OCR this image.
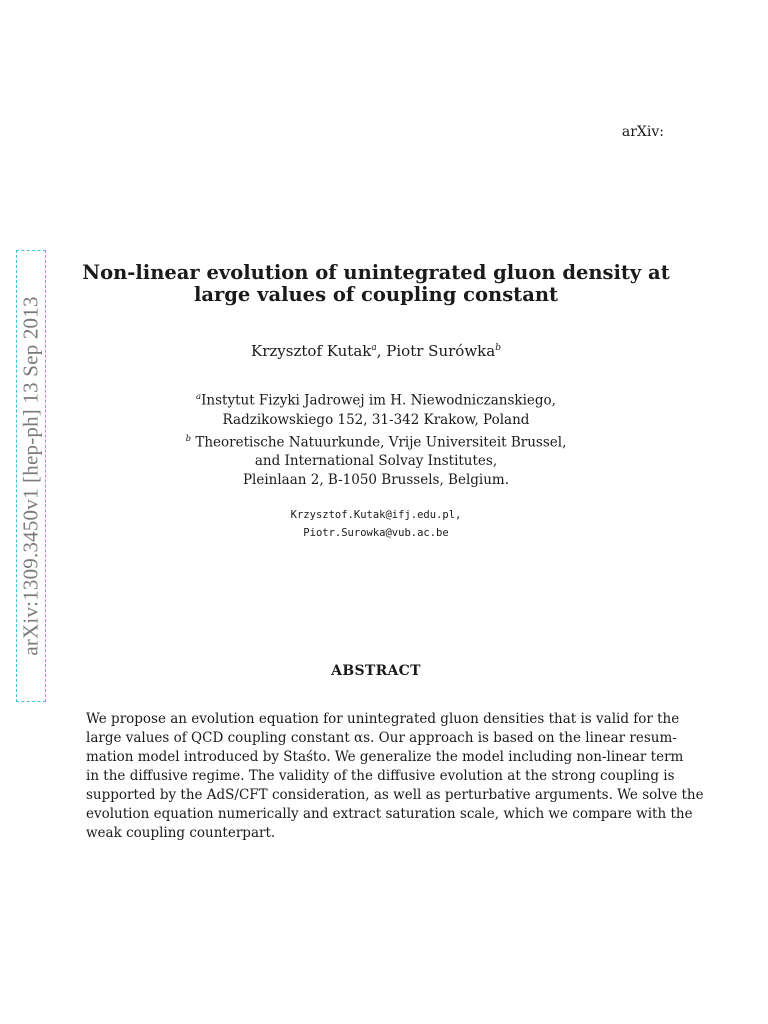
arXiv:
arXiv:1309.3450v1 [hep-ph] 13 Sep 2013
Non-linear evolution of unintegrated gluon density at
large values of coupling constant
Krzysztof Kutak$^a$, Piotr Surówka$^b$
$^a$Instytut Fizyki Jadrowej im H. Niewodniczanskiego,
Radzikowskiego 152, 31-342 Krakow, Poland
$^b$ Theoretische Natuurkunde, Vrije Universiteit Brussel,
and International Solvay Institutes,
Pleinlaan 2, B-1050 Brussels, Belgium.
Krzysztof.Kutak@ifj.edu.pl,
Piotr.Surowka@vub.ac.be
ABSTRACT
We propose an evolution equation for unintegrated gluon densities that is valid for the
large values of QCD coupling constant αs. Our approach is based on the linear resum-
mation model introduced by Staśto. We generalize the model including non-linear term
in the diffusive regime. The validity of the diffusive evolution at the strong coupling is
supported by the AdS/CFT consideration, as well as perturbative arguments. We solve the
evolution equation numerically and extract saturation scale, which we compare with the
weak coupling counterpart.
